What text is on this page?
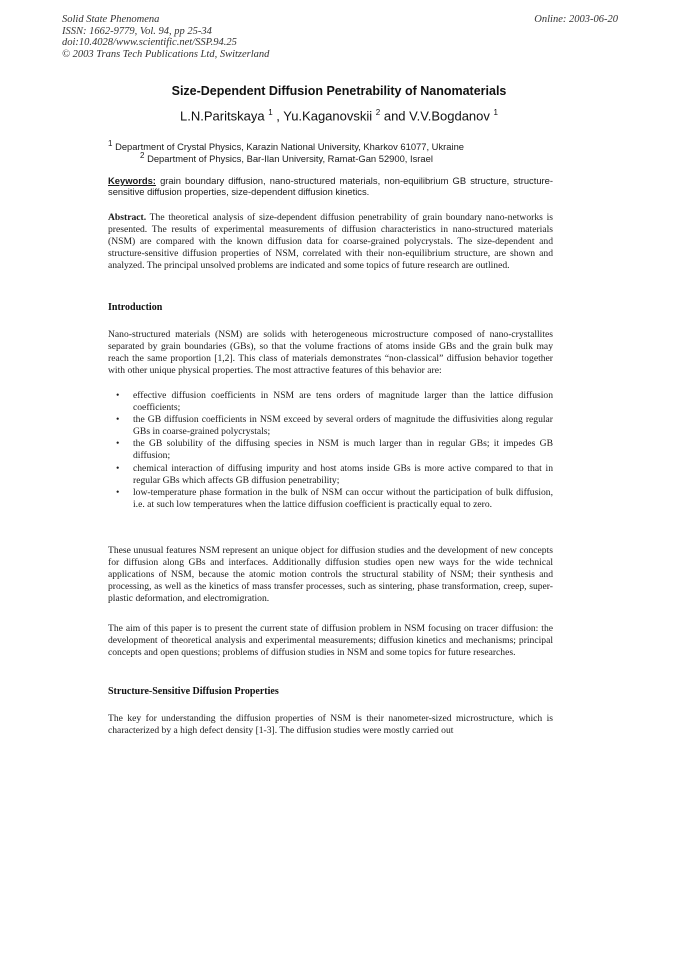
Solid State Phenomena
ISSN: 1662-9779, Vol. 94, pp 25-34
doi:10.4028/www.scientific.net/SSP.94.25
© 2003 Trans Tech Publications Ltd, Switzerland
Online: 2003-06-20
Size-Dependent Diffusion Penetrability of Nanomaterials
L.N.Paritskaya $^1$ , Yu.Kaganovskii $^2$ and V.V.Bogdanov $^1$
$^1$ Department of Crystal Physics, Karazin National University, Kharkov 61077, Ukraine
$^2$ Department of Physics, Bar-Ilan University, Ramat-Gan 52900, Israel
Keywords: grain boundary diffusion, nano-structured materials, non-equilibrium GB structure, structure-sensitive diffusion properties, size-dependent diffusion kinetics.
Abstract. The theoretical analysis of size-dependent diffusion penetrability of grain boundary nano-networks is presented. The results of experimental measurements of diffusion characteristics in nano-structured materials (NSM) are compared with the known diffusion data for coarse-grained polycrystals. The size-dependent and structure-sensitive diffusion properties of NSM, correlated with their non-equilibrium structure, are shown and analyzed. The principal unsolved problems are indicated and some topics of future research are outlined.
Introduction
Nano-structured materials (NSM) are solids with heterogeneous microstructure composed of nano-crystallites separated by grain boundaries (GBs), so that the volume fractions of atoms inside GBs and the grain bulk may reach the same proportion [1,2]. This class of materials demonstrates “non-classical” diffusion behavior together with other unique physical properties. The most attractive features of this behavior are:
• effective diffusion coefficients in NSM are tens orders of magnitude larger than the lattice diffusion coefficients;
• the GB diffusion coefficients in NSM exceed by several orders of magnitude the diffusivities along regular GBs in coarse-grained polycrystals;
• the GB solubility of the diffusing species in NSM is much larger than in regular GBs; it impedes GB diffusion;
• chemical interaction of diffusing impurity and host atoms inside GBs is more active compared to that in regular GBs which affects GB diffusion penetrability;
• low-temperature phase formation in the bulk of NSM can occur without the participation of bulk diffusion, i.e. at such low temperatures when the lattice diffusion coefficient is practically equal to zero.
These unusual features NSM represent an unique object for diffusion studies and the development of new concepts for diffusion along GBs and interfaces. Additionally diffusion studies open new ways for the wide technical applications of NSM, because the atomic motion controls the structural stability of NSM; their synthesis and processing, as well as the kinetics of mass transfer processes, such as sintering, phase transformation, creep, super-plastic deformation, and electromigration.
The aim of this paper is to present the current state of diffusion problem in NSM focusing on tracer diffusion: the development of theoretical analysis and experimental measurements; diffusion kinetics and mechanisms; principal concepts and open questions; problems of diffusion studies in NSM and some topics for future researches.
Structure-Sensitive Diffusion Properties
The key for understanding the diffusion properties of NSM is their nanometer-sized microstructure, which is characterized by a high defect density [1-3]. The diffusion studies were mostly carried out
